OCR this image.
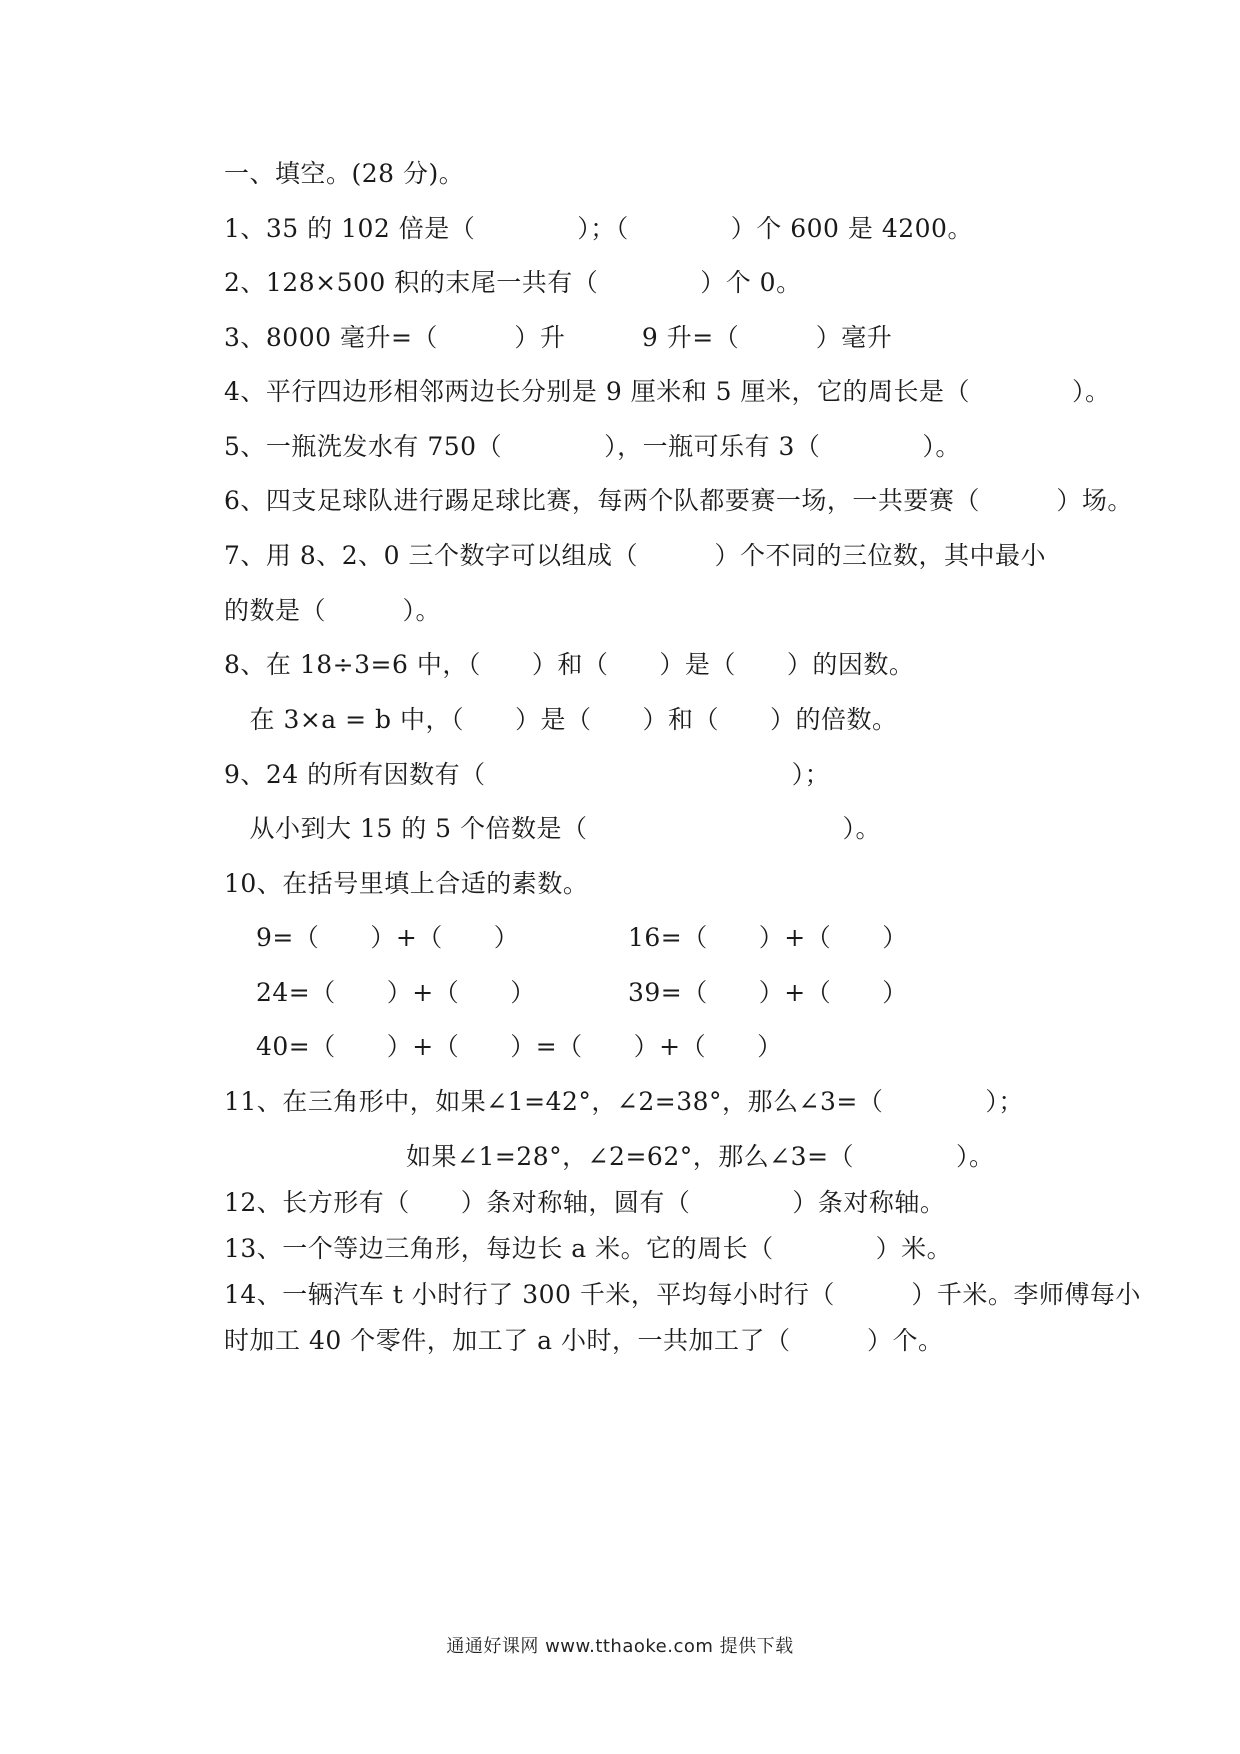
一、填空。(28 分)。
1、35 的 102 倍是（　　　　）；（　　　　）个 600 是 4200。
2、128×500 积的末尾一共有（　　　　）个 0。
3、8000 毫升=（　　　）升　　　9 升=（　　　）毫升
4、平行四边形相邻两边长分别是 9 厘米和 5 厘米，它的周长是（　　　　）。
5、一瓶洗发水有 750（　　　　），一瓶可乐有 3（　　　　）。
6、四支足球队进行踢足球比赛，每两个队都要赛一场，一共要赛（　　　）场。
7、用 8、2、0 三个数字可以组成（　　　）个不同的三位数，其中最小
的数是（　　　）。
8、在 18÷3=6 中，（　　）和（　　）是（　　）的因数。
　在 3×a = b 中，（　　）是（　　）和（　　）的倍数。
9、24 的所有因数有（　　　　　　　　　　　　）；
　从小到大 15 的 5 个倍数是（　　　　　　　　　　）。
10、在括号里填上合适的素数。
9=（　　）+（　　）	16=（　　）+（　　）
24=（　　）+（　　）	39=（　　）+（　　）
40=（　　）+（　　）=（　　）+（　　）
11、在三角形中，如果∠1=42°，∠2=38°，那么∠3=（　　　　）；
如果∠1=28°，∠2=62°，那么∠3=（　　　　）。
12、长方形有（　　）条对称轴，圆有（　　　　）条对称轴。
13、一个等边三角形，每边长 a 米。它的周长（　　　　）米。
14、一辆汽车 t 小时行了 300 千米，平均每小时行（　　　）千米。李师傅每小
时加工 40 个零件，加工了 a 小时，一共加工了（　　　）个。
通通好课网 www.tthaoke.com 提供下载
